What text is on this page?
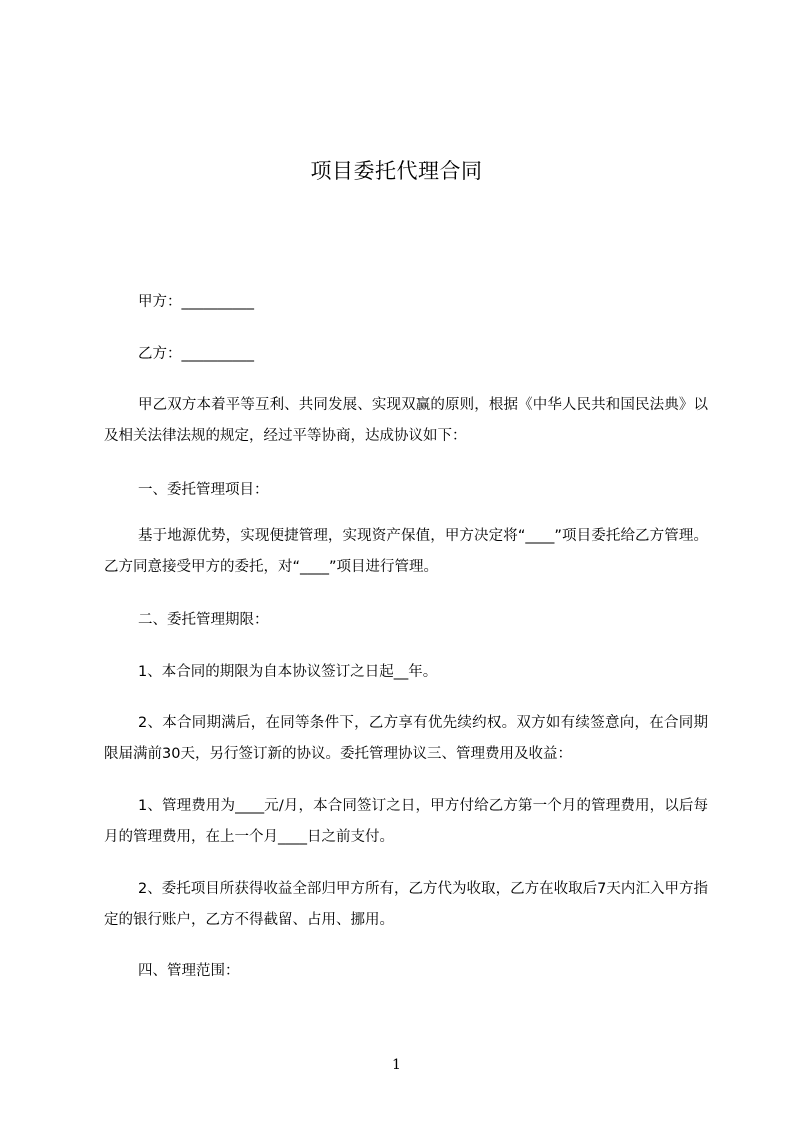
项目委托代理合同
甲方：__________
乙方：__________

甲乙双方本着平等互利、共同发展、实现双赢的原则，根据《中华人民共和国民法典》以及相关法律法规的规定，经过平等协商，达成协议如下：

一、委托管理项目：

基于地源优势，实现便捷管理，实现资产保值，甲方决定将“____”项目委托给乙方管理。乙方同意接受甲方的委托，对“____”项目进行管理。

二、委托管理期限：
1、本合同的期限为自本协议签订之日起__年。

2、本合同期满后，在同等条件下，乙方享有优先续约权。双方如有续签意向，在合同期限届满前30天，另行签订新的协议。委托管理协议三、管理费用及收益：

1、管理费用为____元/月，本合同签订之日，甲方付给乙方第一个月的管理费用，以后每月的管理费用，在上一个月____日之前支付。

2、委托项目所获得收益全部归甲方所有，乙方代为收取，乙方在收取后7天内汇入甲方指定的银行账户，乙方不得截留、占用、挪用。

四、管理范围：
1
